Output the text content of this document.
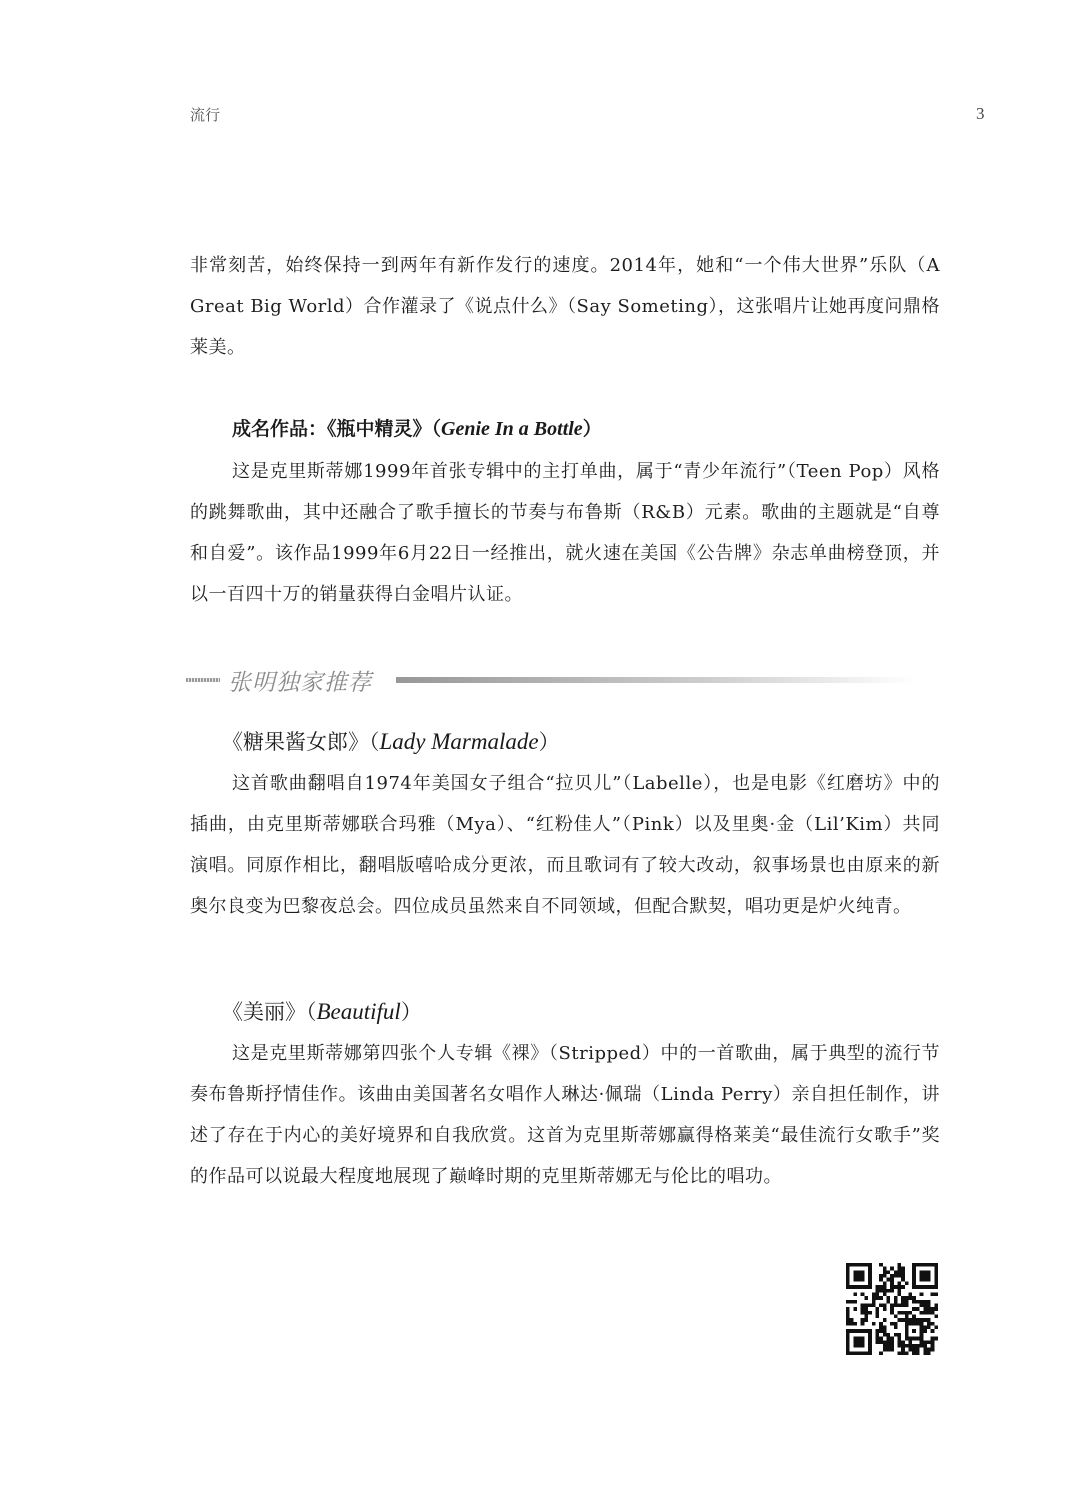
流行	3

非常刻苦，始终保持一到两年有新作发行的速度。2014年，她和“一个伟大世界”乐队（A Great Big World）合作灌录了《说点什么》（Say Someting），这张唱片让她再度问鼎格莱美。

成名作品：《瓶中精灵》（Genie In a Bottle）

这是克里斯蒂娜1999年首张专辑中的主打单曲，属于“青少年流行”（Teen Pop）风格的跳舞歌曲，其中还融合了歌手擅长的节奏与布鲁斯（R&B）元素。歌曲的主题就是“自尊和自爱”。该作品1999年6月22日一经推出，就火速在美国《公告牌》杂志单曲榜登顶，并以一百四十万的销量获得白金唱片认证。

张明独家推荐
《糖果酱女郎》（Lady Marmalade）

这首歌曲翻唱自1974年美国女子组合“拉贝儿”（Labelle），也是电影《红磨坊》中的插曲，由克里斯蒂娜联合玛雅（Mya）、“红粉佳人”（Pink）以及里奥·金（Lil’Kim）共同演唱。同原作相比，翻唱版嘻哈成分更浓，而且歌词有了较大改动，叙事场景也由原来的新奥尔良变为巴黎夜总会。四位成员虽然来自不同领域，但配合默契，唱功更是炉火纯青。

《美丽》（Beautiful）

这是克里斯蒂娜第四张个人专辑《裸》（Stripped）中的一首歌曲，属于典型的流行节奏布鲁斯抒情佳作。该曲由美国著名女唱作人琳达·佩瑞（Linda Perry）亲自担任制作，讲述了存在于内心的美好境界和自我欣赏。这首为克里斯蒂娜赢得格莱美“最佳流行女歌手”奖的作品可以说最大程度地展现了巅峰时期的克里斯蒂娜无与伦比的唱功。
